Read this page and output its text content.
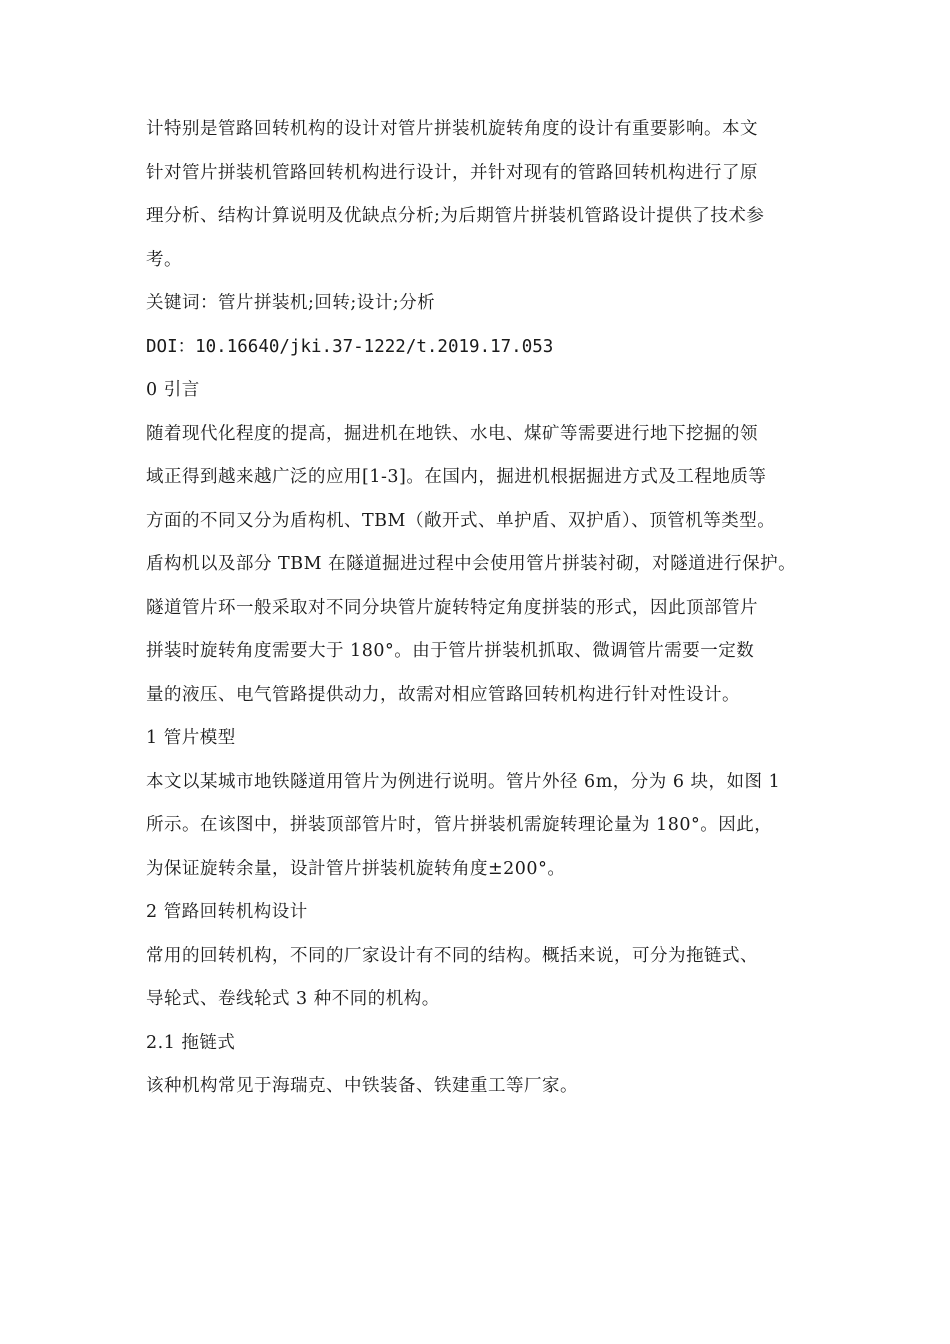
计特别是管路回转机构的设计对管片拼装机旋转角度的设计有重要影响。本文
针对管片拼装机管路回转机构进行设计，并针对现有的管路回转机构进行了原
理分析、结构计算说明及优缺点分析;为后期管片拼装机管路设计提供了技术参
考。
关键词：管片拼装机;回转;设计;分析
DOI：10.16640/jki.37-1222/t.2019.17.053
0 引言
随着现代化程度的提高，掘进机在地铁、水电、煤矿等需要进行地下挖掘的领
域正得到越来越广泛的应用[1-3]。在国内，掘进机根据掘进方式及工程地质等
方面的不同又分为盾构机、TBM（敞开式、单护盾、双护盾）、顶管机等类型。
盾构机以及部分 TBM 在隧道掘进过程中会使用管片拼装衬砌，对隧道进行保护。
隧道管片环一般采取对不同分块管片旋转特定角度拼装的形式，因此顶部管片
拼装时旋转角度需要大于 180°。由于管片拼装机抓取、微调管片需要一定数
量的液压、电气管路提供动力，故需对相应管路回转机构进行针对性设计。
1 管片模型
本文以某城市地铁隧道用管片为例进行说明。管片外径 6m，分为 6 块，如图 1
所示。在该图中，拼装顶部管片时，管片拼装机需旋转理论量为 180°。因此，
为保证旋转余量，设計管片拼装机旋转角度±200°。
2 管路回转机构设计
常用的回转机构，不同的厂家设计有不同的结构。概括来说，可分为拖链式、
导轮式、卷线轮式 3 种不同的机构。
2.1 拖链式
该种机构常见于海瑞克、中铁装备、铁建重工等厂家。
